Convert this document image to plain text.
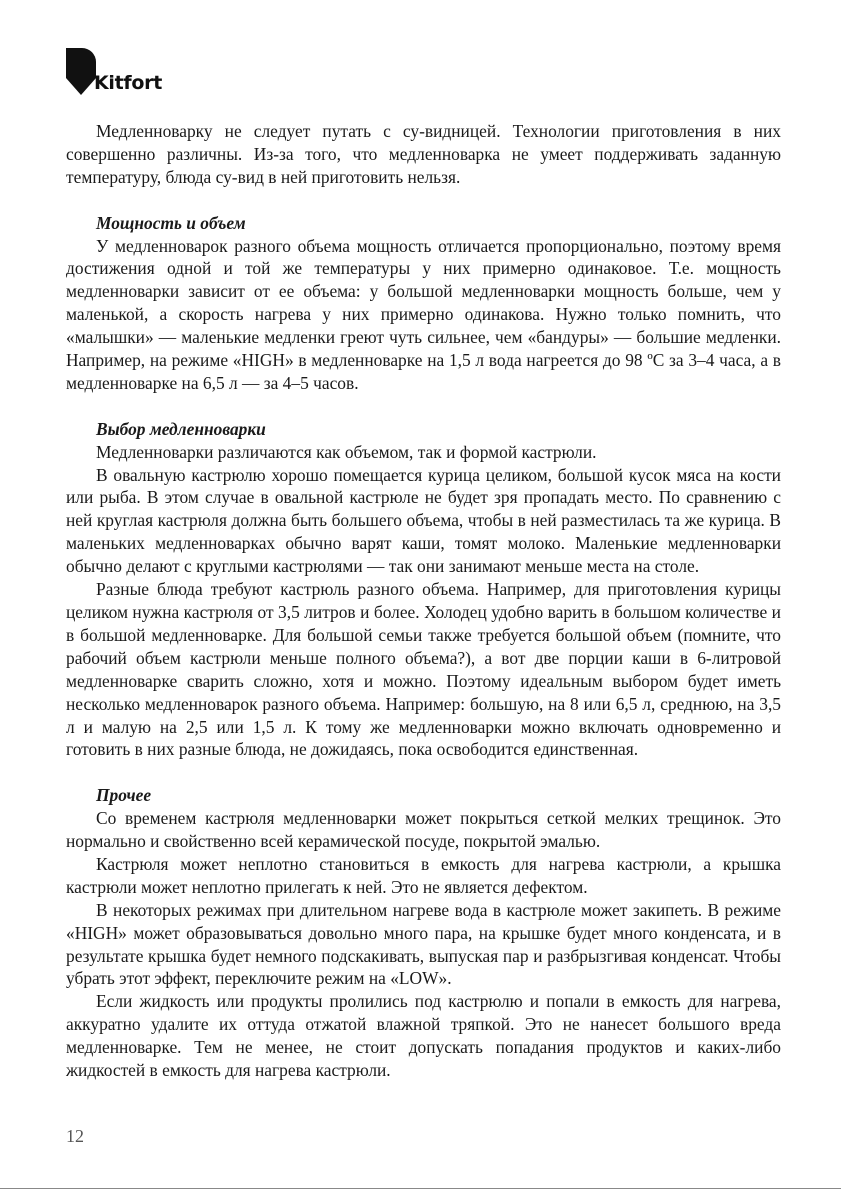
Kitfort

Медленноварку не следует путать с су-видницей. Технологии приготовления в них совершенно различны. Из-за того, что медленноварка не умеет поддерживать заданную температуру, блюда су-вид в ней приготовить нельзя.

Мощность и объем

У медленноварок разного объема мощность отличается пропорционально, поэтому время достижения одной и той же температуры у них примерно одинаковое. Т.е. мощность медленноварки зависит от ее объема: у большой медленноварки мощность больше, чем у маленькой, а скорость нагрева у них примерно одинакова. Нужно только помнить, что «малышки» — маленькие медленки греют чуть сильнее, чем «бандуры» — большие медленки. Например, на режиме «HIGH» в медленноварке на 1,5 л вода нагреется до 98 ºC за 3–4 часа, а в медленноварке на 6,5 л — за 4–5 часов.

Выбор медленноварки

Медленноварки различаются как объемом, так и формой кастрюли.

В овальную кастрюлю хорошо помещается курица целиком, большой кусок мяса на кости или рыба. В этом случае в овальной кастрюле не будет зря пропадать место. По сравнению с ней круглая кастрюля должна быть большего объема, чтобы в ней разместилась та же курица. В маленьких медленноварках обычно варят каши, томят молоко. Маленькие медленноварки обычно делают с круглыми кастрюлями — так они занимают меньше места на столе.

Разные блюда требуют кастрюль разного объема. Например, для приготовления курицы целиком нужна кастрюля от 3,5 литров и более. Холодец удобно варить в большом количестве и в большой медленноварке. Для большой семьи также требуется большой объем (помните, что рабочий объем кастрюли меньше полного объема?), а вот две порции каши в 6-литровой медленноварке сварить сложно, хотя и можно. Поэтому идеальным выбором будет иметь несколько медленноварок разного объема. Например: большую, на 8 или 6,5 л, среднюю, на 3,5 л и малую на 2,5 или 1,5 л. К тому же медленноварки можно включать одновременно и готовить в них разные блюда, не дожидаясь, пока освободится единственная.

Прочее

Со временем кастрюля медленноварки может покрыться сеткой мелких трещинок. Это нормально и свойственно всей керамической посуде, покрытой эмалью.

Кастрюля может неплотно становиться в емкость для нагрева кастрюли, а крышка кастрюли может неплотно прилегать к ней. Это не является дефектом.

В некоторых режимах при длительном нагреве вода в кастрюле может закипеть. В режиме «HIGH» может образовываться довольно много пара, на крышке будет много конденсата, и в результате крышка будет немного подскакивать, выпуская пар и разбрызгивая конденсат. Чтобы убрать этот эффект, переключите режим на «LOW».

Если жидкость или продукты пролились под кастрюлю и попали в емкость для нагрева, аккуратно удалите их оттуда отжатой влажной тряпкой. Это не нанесет большого вреда медленноварке. Тем не менее, не стоит допускать попадания продуктов и каких-либо жидкостей в емкость для нагрева кастрюли.

12
